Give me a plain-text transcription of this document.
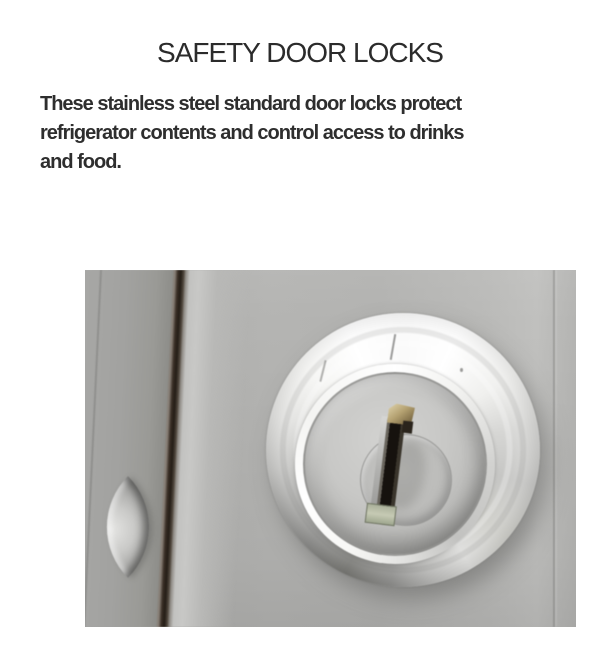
SAFETY DOOR LOCKS
These stainless steel standard door locks protect
refrigerator contents and control access to drinks
and food.
